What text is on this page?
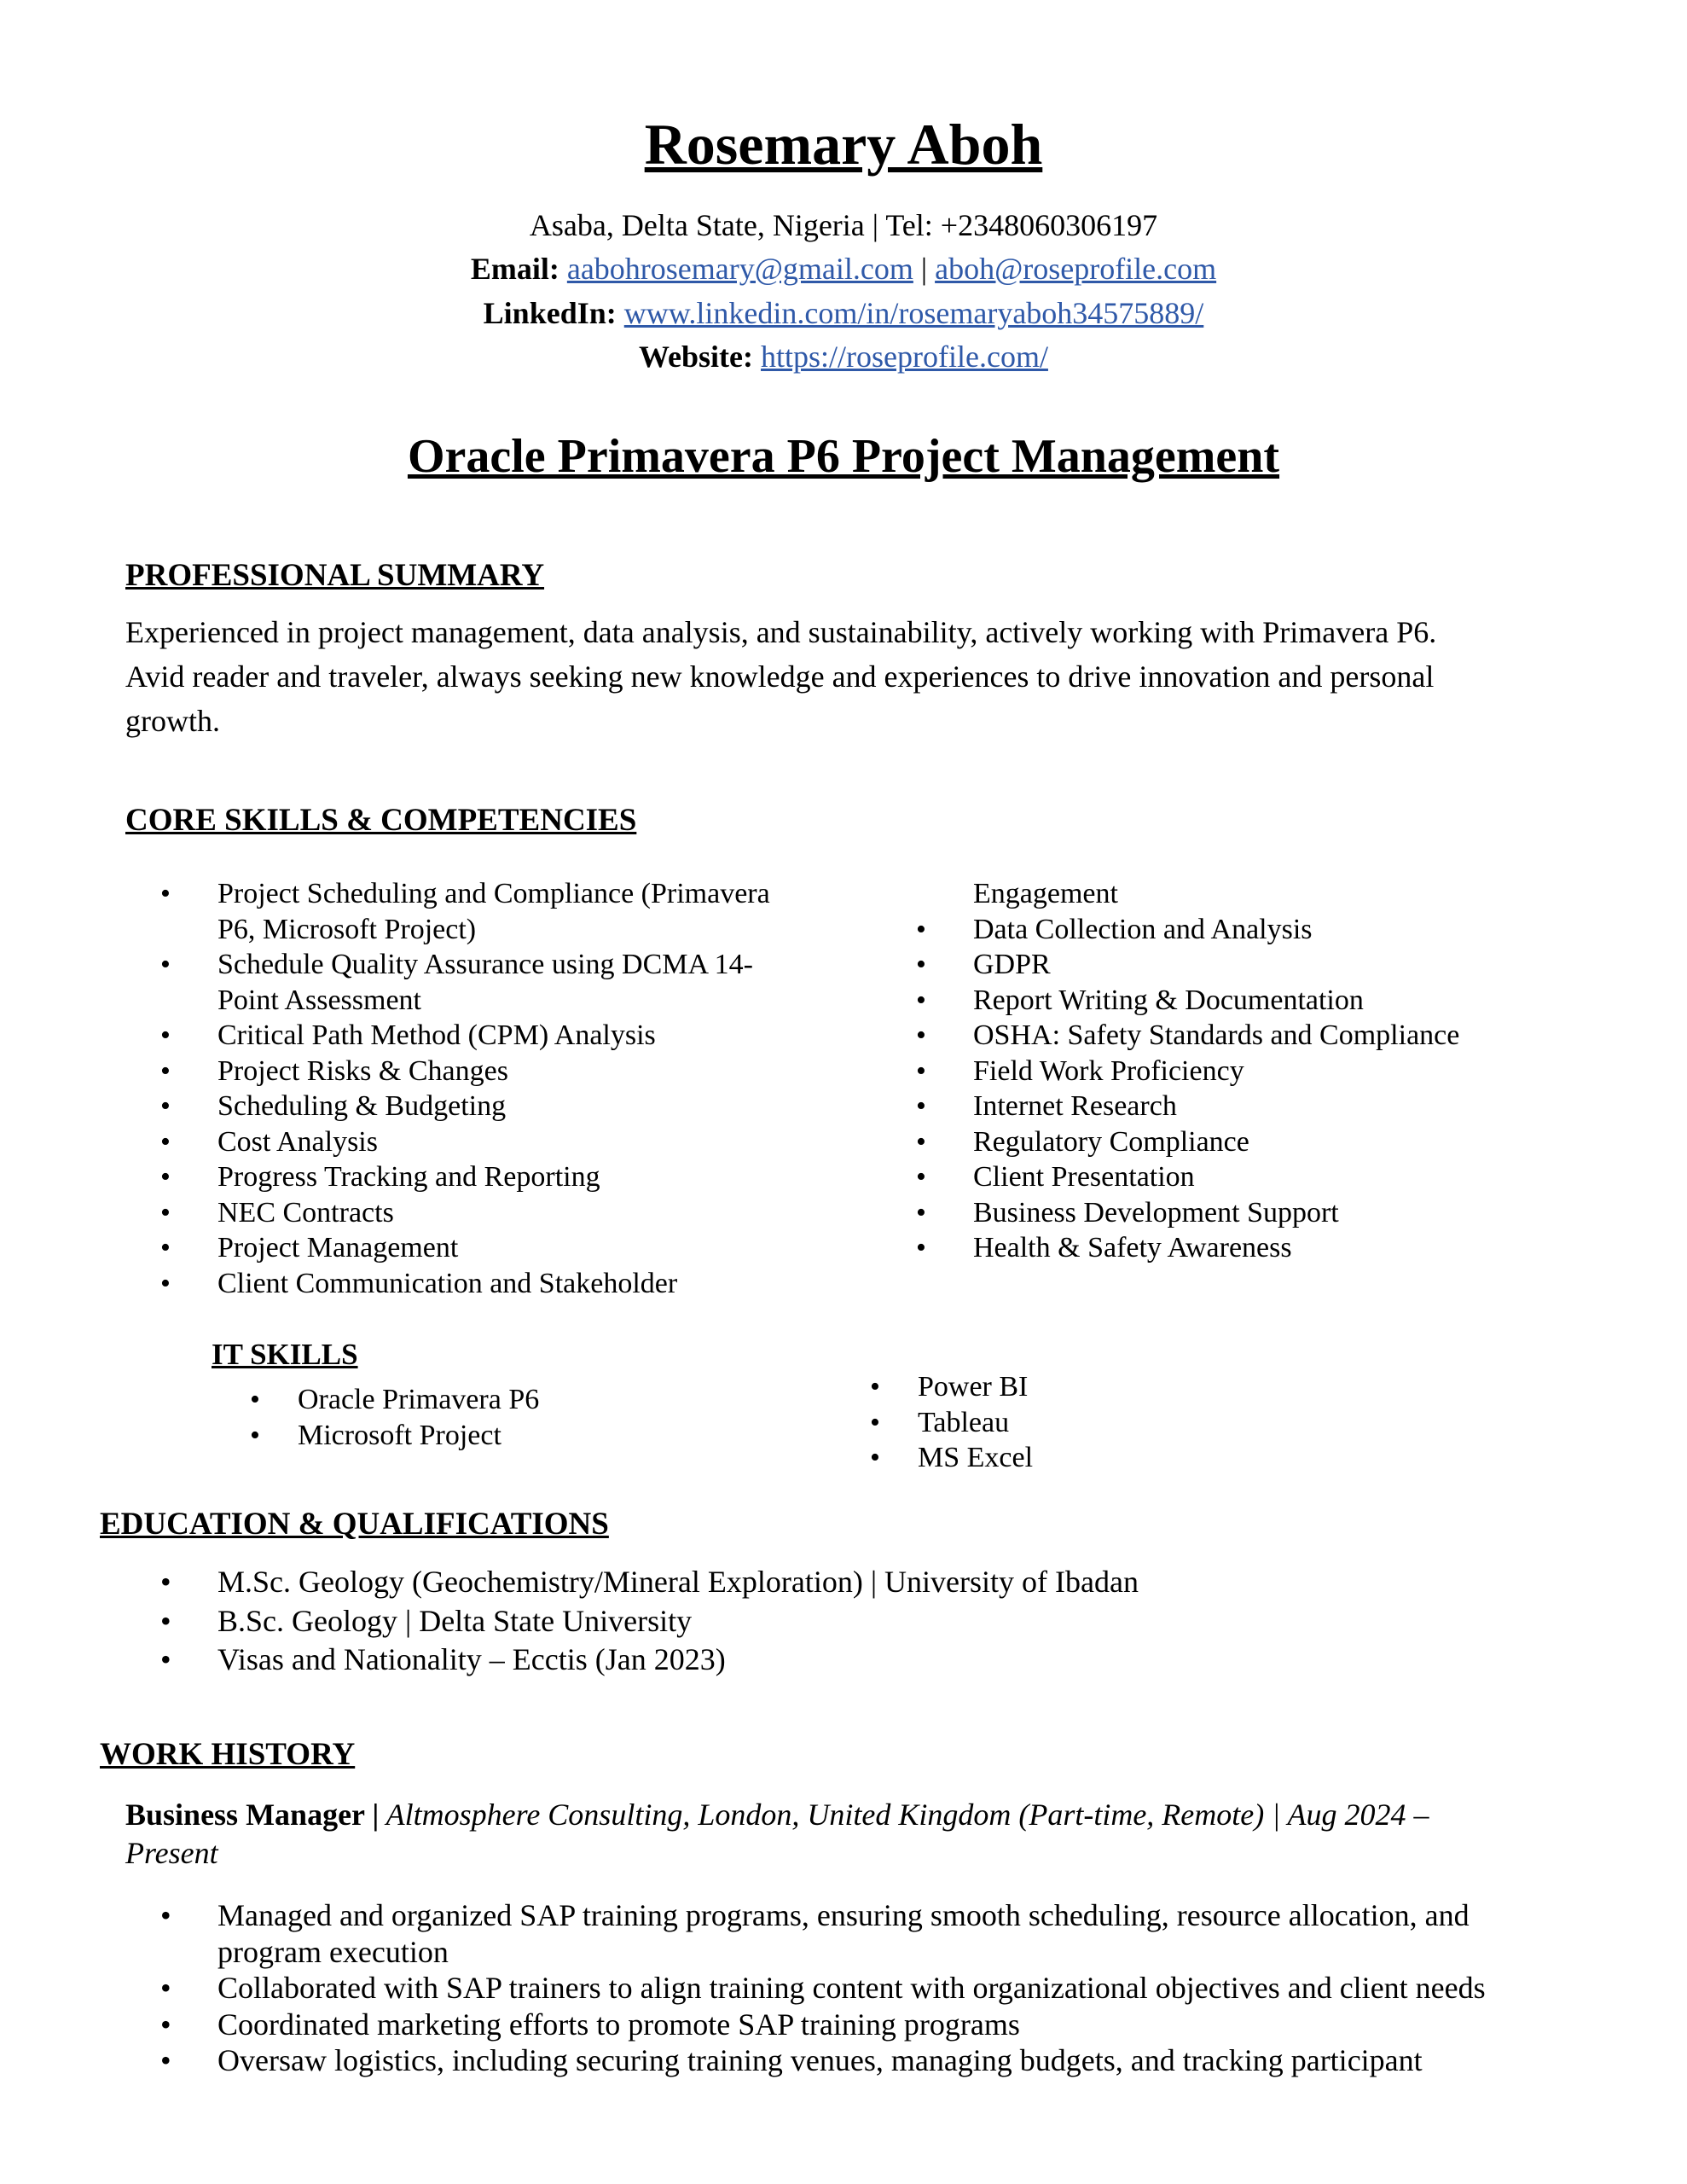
Rosemary Aboh
Asaba, Delta State, Nigeria | Tel: +2348060306197
Email: aabohrosemary@gmail.com | aboh@roseprofile.com
LinkedIn: www.linkedin.com/in/rosemaryaboh34575889/
Website: https://roseprofile.com/
Oracle Primavera P6 Project Management
PROFESSIONAL SUMMARY
Experienced in project management, data analysis, and sustainability, actively working with Primavera P6.
Avid reader and traveler, always seeking new knowledge and experiences to drive innovation and personal
growth.
CORE SKILLS & COMPETENCIES
• Project Scheduling and Compliance (Primavera
P6, Microsoft Project)
• Schedule Quality Assurance using DCMA 14-
Point Assessment
• Critical Path Method (CPM) Analysis
• Project Risks & Changes
• Scheduling & Budgeting
• Cost Analysis
• Progress Tracking and Reporting
• NEC Contracts
• Project Management
• Client Communication and Stakeholder
Engagement
• Data Collection and Analysis
• GDPR
• Report Writing & Documentation
• OSHA: Safety Standards and Compliance
• Field Work Proficiency
• Internet Research
• Regulatory Compliance
• Client Presentation
• Business Development Support
• Health & Safety Awareness
IT SKILLS
• Oracle Primavera P6
• Microsoft Project
• Power BI
• Tableau
• MS Excel
EDUCATION & QUALIFICATIONS
• M.Sc. Geology (Geochemistry/Mineral Exploration) | University of Ibadan
• B.Sc. Geology | Delta State University
• Visas and Nationality – Ecctis (Jan 2023)
WORK HISTORY
Business Manager | Altmosphere Consulting, London, United Kingdom (Part-time, Remote) | Aug 2024 –
Present
• Managed and organized SAP training programs, ensuring smooth scheduling, resource allocation, and
program execution
• Collaborated with SAP trainers to align training content with organizational objectives and client needs
• Coordinated marketing efforts to promote SAP training programs
• Oversaw logistics, including securing training venues, managing budgets, and tracking participant
